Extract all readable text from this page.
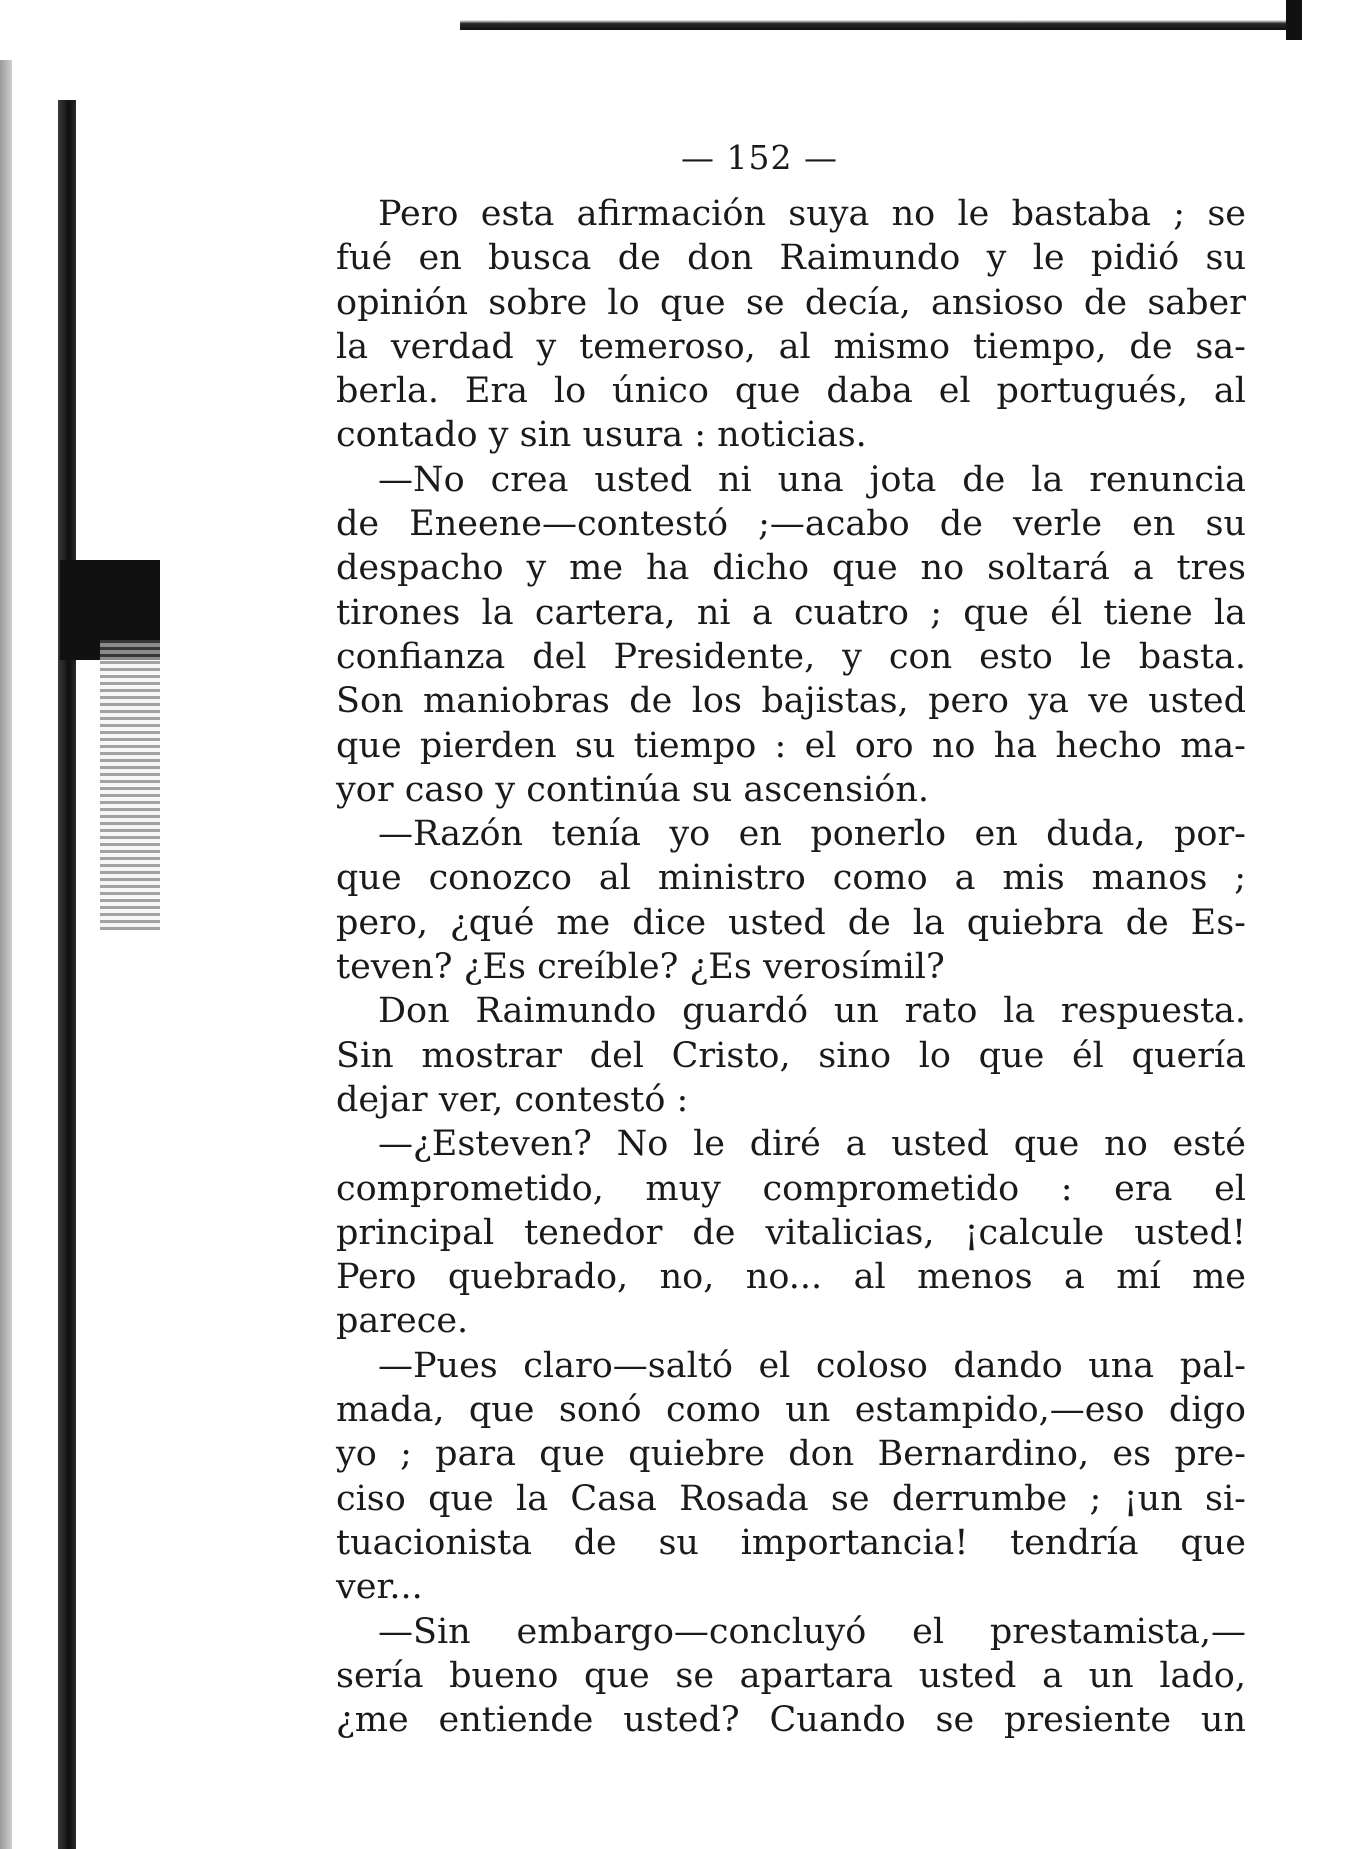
— 152 —

Pero esta afirmación suya no le bastaba ; se
fué en busca de don Raimundo y le pidió su
opinión sobre lo que se decía, ansioso de saber
la verdad y temeroso, al mismo tiempo, de sa-
berla. Era lo único que daba el portugués, al
contado y sin usura : noticias.
—No crea usted ni una jota de la renuncia
de Eneene—contestó ;—acabo de verle en su
despacho y me ha dicho que no soltará a tres
tirones la cartera, ni a cuatro ; que él tiene la
confianza del Presidente, y con esto le basta.
Son maniobras de los bajistas, pero ya ve usted
que pierden su tiempo : el oro no ha hecho ma-
yor caso y continúa su ascensión.
—Razón tenía yo en ponerlo en duda, por-
que conozco al ministro como a mis manos ;
pero, ¿qué me dice usted de la quiebra de Es-
teven? ¿Es creíble? ¿Es verosímil?
Don Raimundo guardó un rato la respuesta.
Sin mostrar del Cristo, sino lo que él quería
dejar ver, contestó :
—¿Esteven? No le diré a usted que no esté
comprometido, muy comprometido : era el
principal tenedor de vitalicias, ¡calcule usted!
Pero quebrado, no, no... al menos a mí me
parece.
—Pues claro—saltó el coloso dando una pal-
mada, que sonó como un estampido,—eso digo
yo ; para que quiebre don Bernardino, es pre-
ciso que la Casa Rosada se derrumbe ; ¡un si-
tuacionista de su importancia! tendría que
ver...
—Sin embargo—concluyó el prestamista,—
sería bueno que se apartara usted a un lado,
¿me entiende usted? Cuando se presiente un
